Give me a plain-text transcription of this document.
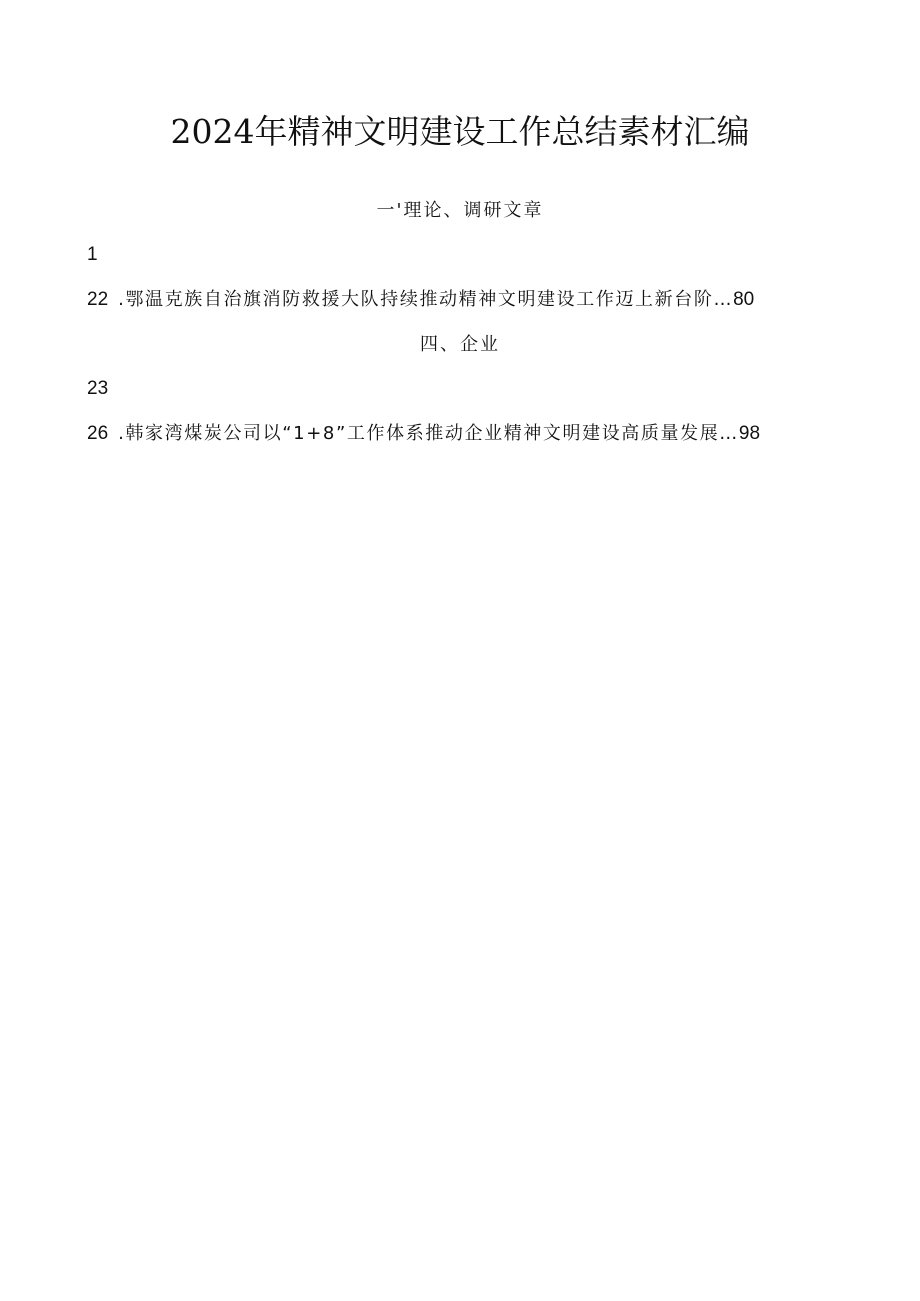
2024年精神文明建设工作总结素材汇编
一'理论、调研文章
1
22 .鄂温克族自治旗消防救援大队持续推动精神文明建设工作迈上新台阶… 80
四、企业
23
26 .韩家湾煤炭公司以“1+8”工作体系推动企业精神文明建设高质量发展… 98
